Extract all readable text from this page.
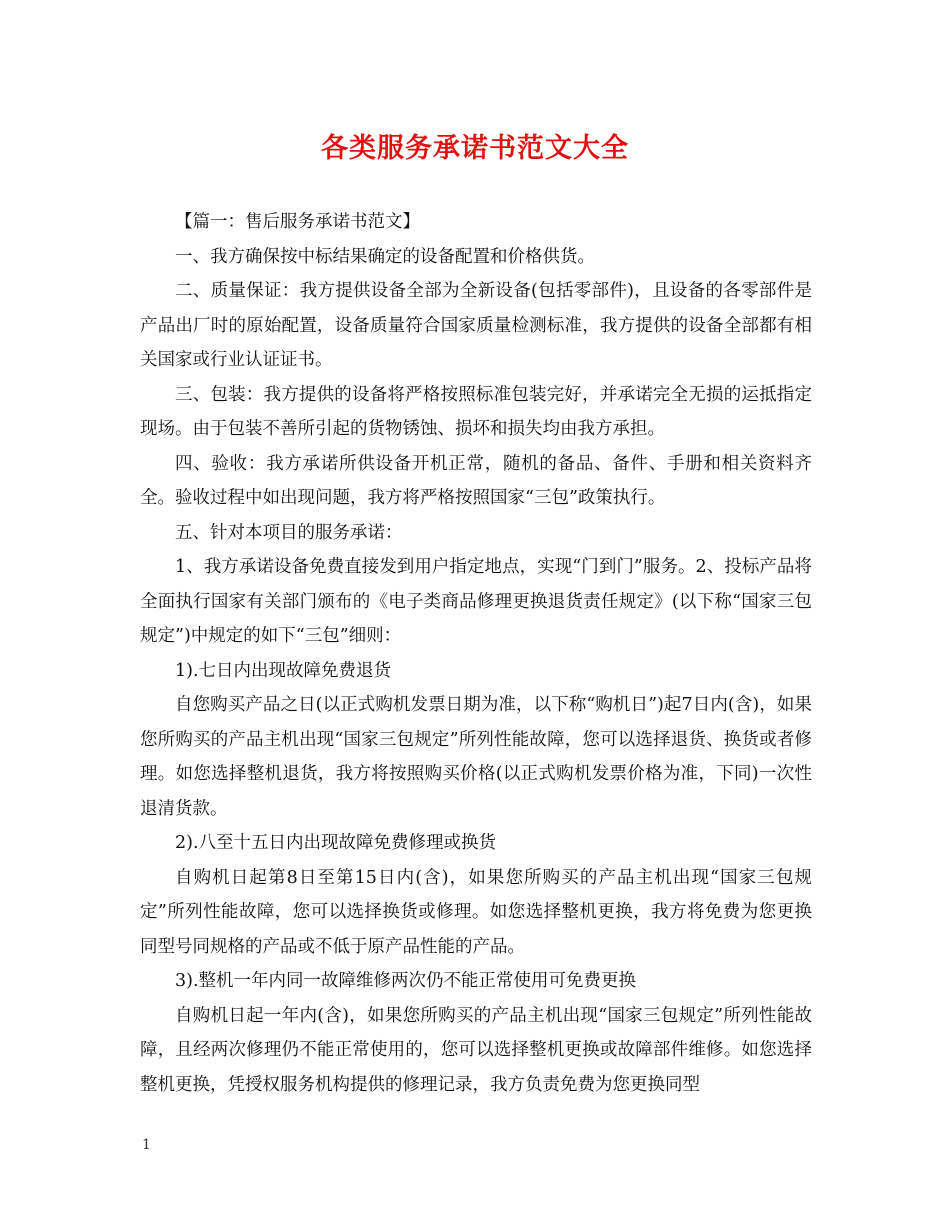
各类服务承诺书范文大全

【篇一：售后服务承诺书范文】

一、我方确保按中标结果确定的设备配置和价格供货。

二、质量保证：我方提供设备全部为全新设备(包括零部件)，且设备的各零部件是产品出厂时的原始配置，设备质量符合国家质量检测标准，我方提供的设备全部都有相关国家或行业认证证书。

三、包装：我方提供的设备将严格按照标准包装完好，并承诺完全无损的运抵指定现场。由于包装不善所引起的货物锈蚀、损坏和损失均由我方承担。

四、验收：我方承诺所供设备开机正常，随机的备品、备件、手册和相关资料齐全。验收过程中如出现问题，我方将严格按照国家“三包”政策执行。

五、针对本项目的服务承诺：

1、我方承诺设备免费直接发到用户指定地点，实现“门到门”服务。2、投标产品将全面执行国家有关部门颁布的《电子类商品修理更换退货责任规定》(以下称“国家三包规定”)中规定的如下“三包”细则：

1).七日内出现故障免费退货

自您购买产品之日(以正式购机发票日期为准，以下称“购机日”)起7日内(含)，如果您所购买的产品主机出现“国家三包规定”所列性能故障，您可以选择退货、换货或者修理。如您选择整机退货，我方将按照购买价格(以正式购机发票价格为准，下同)一次性退清货款。

2).八至十五日内出现故障免费修理或换货

自购机日起第8日至第15日内(含)，如果您所购买的产品主机出现“国家三包规定”所列性能故障，您可以选择换货或修理。如您选择整机更换，我方将免费为您更换同型号同规格的产品或不低于原产品性能的产品。

3).整机一年内同一故障维修两次仍不能正常使用可免费更换

自购机日起一年内(含)，如果您所购买的产品主机出现“国家三包规定”所列性能故障，且经两次修理仍不能正常使用的，您可以选择整机更换或故障部件维修。如您选择整机更换，凭授权服务机构提供的修理记录，我方负责免费为您更换同型

1
